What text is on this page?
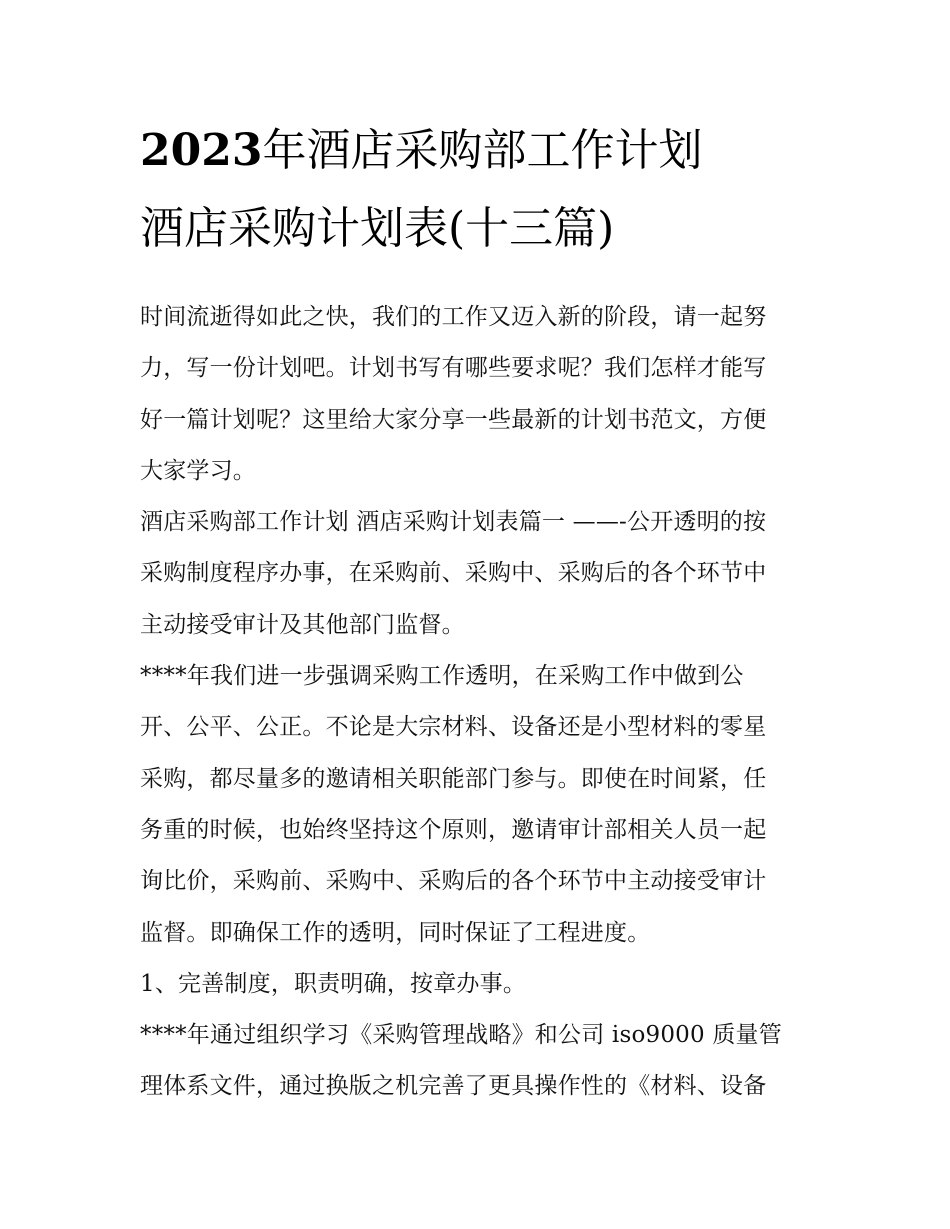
2023年酒店采购部工作计划
酒店采购计划表(十三篇)
时间流逝得如此之快，我们的工作又迈入新的阶段，请一起努
力，写一份计划吧。计划书写有哪些要求呢？我们怎样才能写
好一篇计划呢？这里给大家分享一些最新的计划书范文，方便
大家学习。
酒店采购部工作计划 酒店采购计划表篇一 ——-公开透明的按
采购制度程序办事，在采购前、采购中、采购后的各个环节中
主动接受审计及其他部门监督。
****年我们进一步强调采购工作透明，在采购工作中做到公
开、公平、公正。不论是大宗材料、设备还是小型材料的零星
采购，都尽量多的邀请相关职能部门参与。即使在时间紧，任
务重的时候，也始终坚持这个原则，邀请审计部相关人员一起
询比价，采购前、采购中、采购后的各个环节中主动接受审计
监督。即确保工作的透明，同时保证了工程进度。
1、完善制度，职责明确，按章办事。
****年通过组织学习《采购管理战略》和公司 iso9000 质量管
理体系文件，通过换版之机完善了更具操作性的《材料、设备
